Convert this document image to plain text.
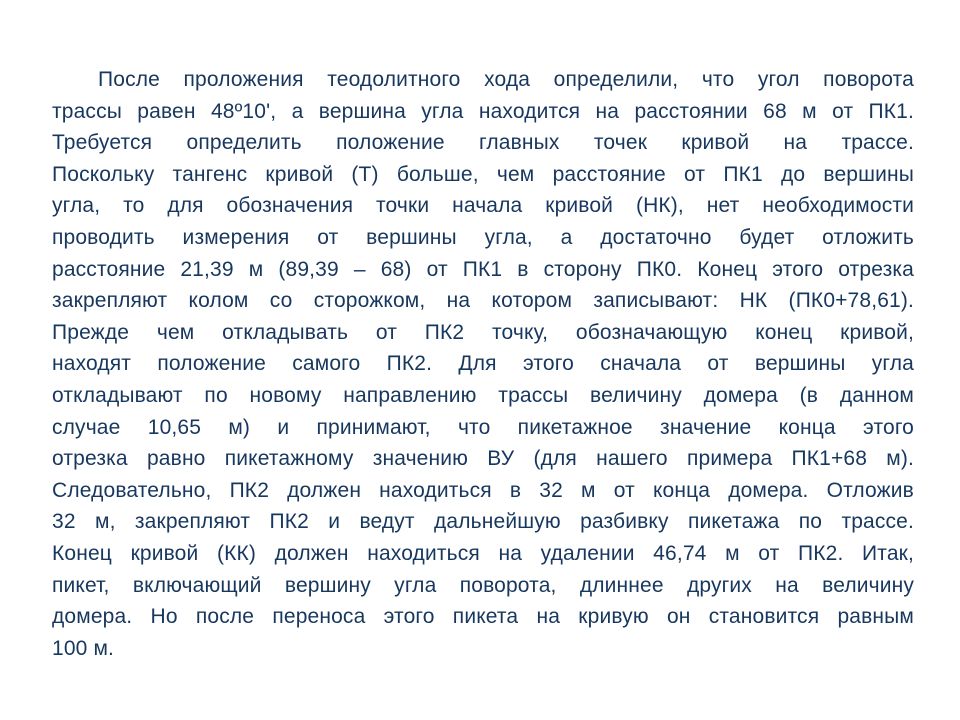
После проложения теодолитного хода определили, что угол поворота
трассы равен 48º10', а вершина угла находится на расстоянии 68 м от ПК1.
Требуется определить положение главных точек кривой на трассе.
Поскольку тангенс кривой (Т) больше, чем расстояние от ПК1 до вершины
угла, то для обозначения точки начала кривой (НК), нет необходимости
проводить измерения от вершины угла, а достаточно будет отложить
расстояние 21,39 м (89,39 – 68) от ПК1 в сторону ПК0. Конец этого отрезка
закрепляют колом со сторожком, на котором записывают: НК (ПК0+78,61).
Прежде чем откладывать от ПК2 точку, обозначающую конец кривой,
находят положение самого ПК2. Для этого сначала от вершины угла
откладывают по новому направлению трассы величину домера (в данном
случае 10,65 м) и принимают, что пикетажное значение конца этого
отрезка равно пикетажному значению ВУ (для нашего примера ПК1+68 м).
Следовательно, ПК2 должен находиться в 32 м от конца домера. Отложив
32 м, закрепляют ПК2 и ведут дальнейшую разбивку пикетажа по трассе.
Конец кривой (КК) должен находиться на удалении 46,74 м от ПК2. Итак,
пикет, включающий вершину угла поворота, длиннее других на величину
домера. Но после переноса этого пикета на кривую он становится равным
100 м.
